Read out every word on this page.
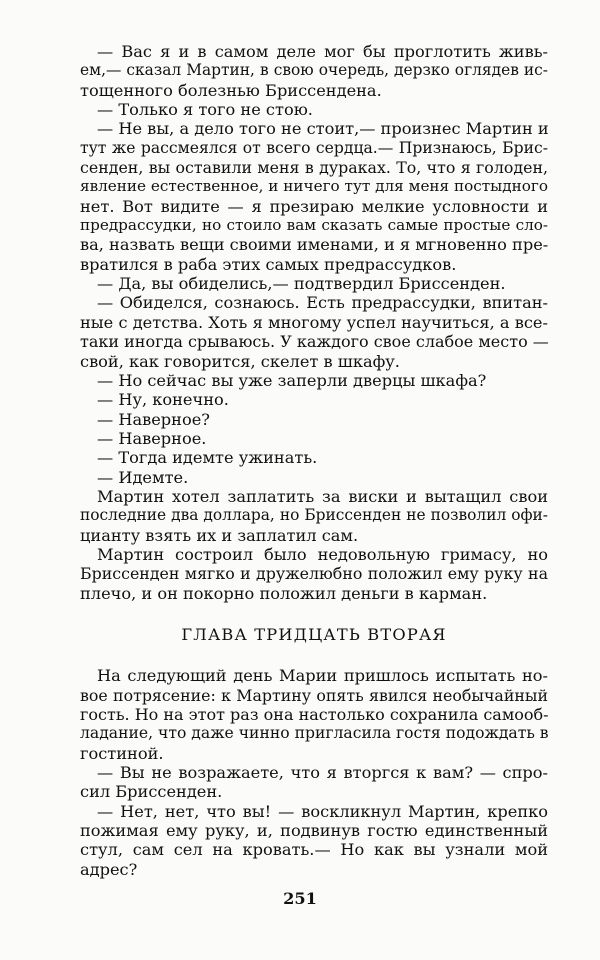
— Вас я и в самом деле мог бы проглотить живь-
ем,— сказал Мартин, в свою очередь, дерзко оглядев ис-
тощенного болезнью Бриссендена.
— Только я того не стою.
— Не вы, а дело того не стоит,— произнес Мартин и
тут же рассмеялся от всего сердца.— Признаюсь, Брис-
сенден, вы оставили меня в дураках. То, что я голоден,
явление естественное, и ничего тут для меня постыдного
нет. Вот видите — я презираю мелкие условности и
предрассудки, но стоило вам сказать самые простые сло-
ва, назвать вещи своими именами, и я мгновенно пре-
вратился в раба этих самых предрассудков.
— Да, вы обиделись,— подтвердил Бриссенден.
— Обиделся, сознаюсь. Есть предрассудки, впитан-
ные с детства. Хоть я многому успел научиться, а все-
таки иногда срываюсь. У каждого свое слабое место —
свой, как говорится, скелет в шкафу.
— Но сейчас вы уже заперли дверцы шкафа?
— Ну, конечно.
— Наверное?
— Наверное.
— Тогда идемте ужинать.
— Идемте.
Мартин хотел заплатить за виски и вытащил свои
последние два доллара, но Бриссенден не позволил офи-
цианту взять их и заплатил сам.
Мартин состроил было недовольную гримасу, но
Бриссенден мягко и дружелюбно положил ему руку на
плечо, и он покорно положил деньги в карман.
ГЛАВА ТРИДЦАТЬ ВТОРАЯ
На следующий день Марии пришлось испытать но-
вое потрясение: к Мартину опять явился необычайный
гость. Но на этот раз она настолько сохранила самооб-
ладание, что даже чинно пригласила гостя подождать в
гостиной.
— Вы не возражаете, что я вторгся к вам? — спро-
сил Бриссенден.
— Нет, нет, что вы! — воскликнул Мартин, крепко
пожимая ему руку, и, подвинув гостю единственный
стул, сам сел на кровать.— Но как вы узнали мой
адрес?
251
